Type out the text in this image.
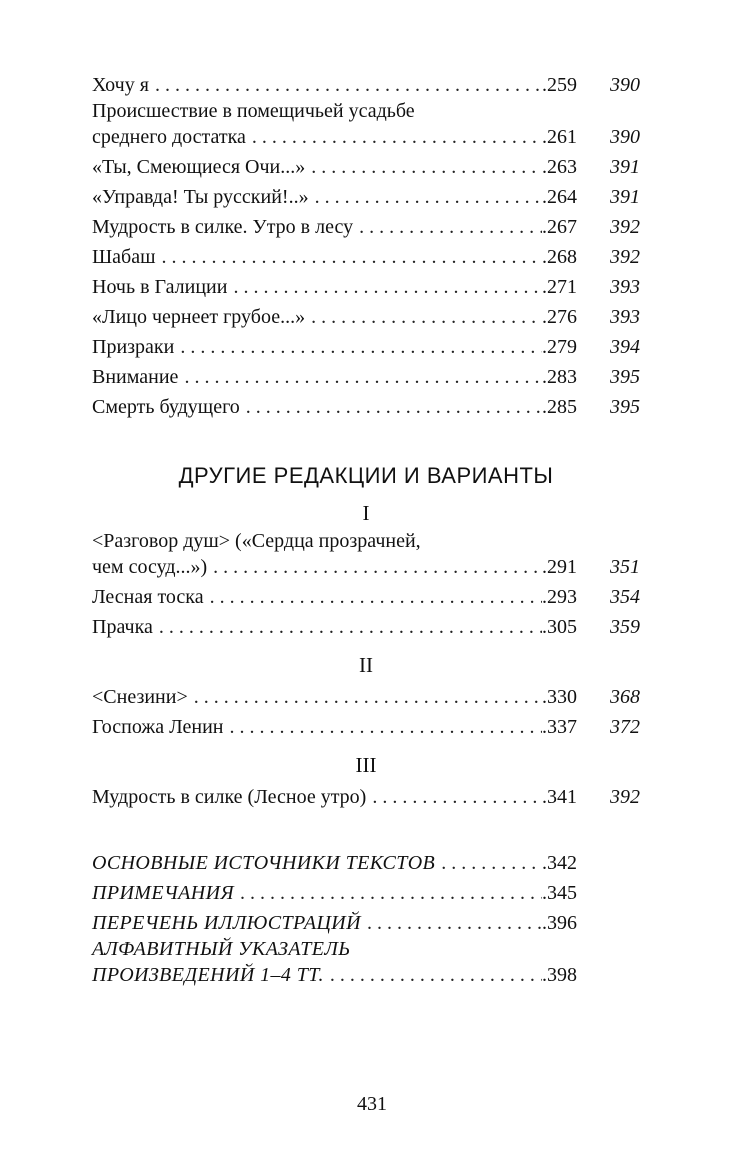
Хочу я . . .	.259	390
Происшествие в помещичьей усадьбе
среднего достатка . . .	.261	390
«Ты, Смеющиеся Очи...» . . .	.263	391
«Управда! Ты русский!..» . . .	.264	391
Мудрость в силке. Утро в лесу . . .	.267	392
Шабаш . . .	.268	392
Ночь в Галиции . . .	.271	393
«Лицо чернеет грубое...» . . .	.276	393
Призраки . . .	.279	394
Внимание . . .	.283	395
Смерть будущего . . .	.285	395
ДРУГИЕ РЕДАКЦИИ И ВАРИАНТЫ
I
<Разговор душ> («Сердца прозрачней,
чем сосуд...») . . .	.291	351
Лесная тоска . . .	.293	354
Прачка . . .	.305	359
II
<Снезини> . . .	.330	368
Госпожа Ленин . . .	.337	372
III
Мудрость в силке (Лесное утро) . . .	.341	392
ОСНОВНЫЕ ИСТОЧНИКИ ТЕКСТОВ . . .	.342
ПРИМЕЧАНИЯ . . .	.345
ПЕРЕЧЕНЬ ИЛЛЮСТРАЦИЙ . . .	.396
АЛФАВИТНЫЙ УКАЗАТЕЛЬ
ПРОИЗВЕДЕНИЙ 1–4 ТТ. . . .	.398
431
